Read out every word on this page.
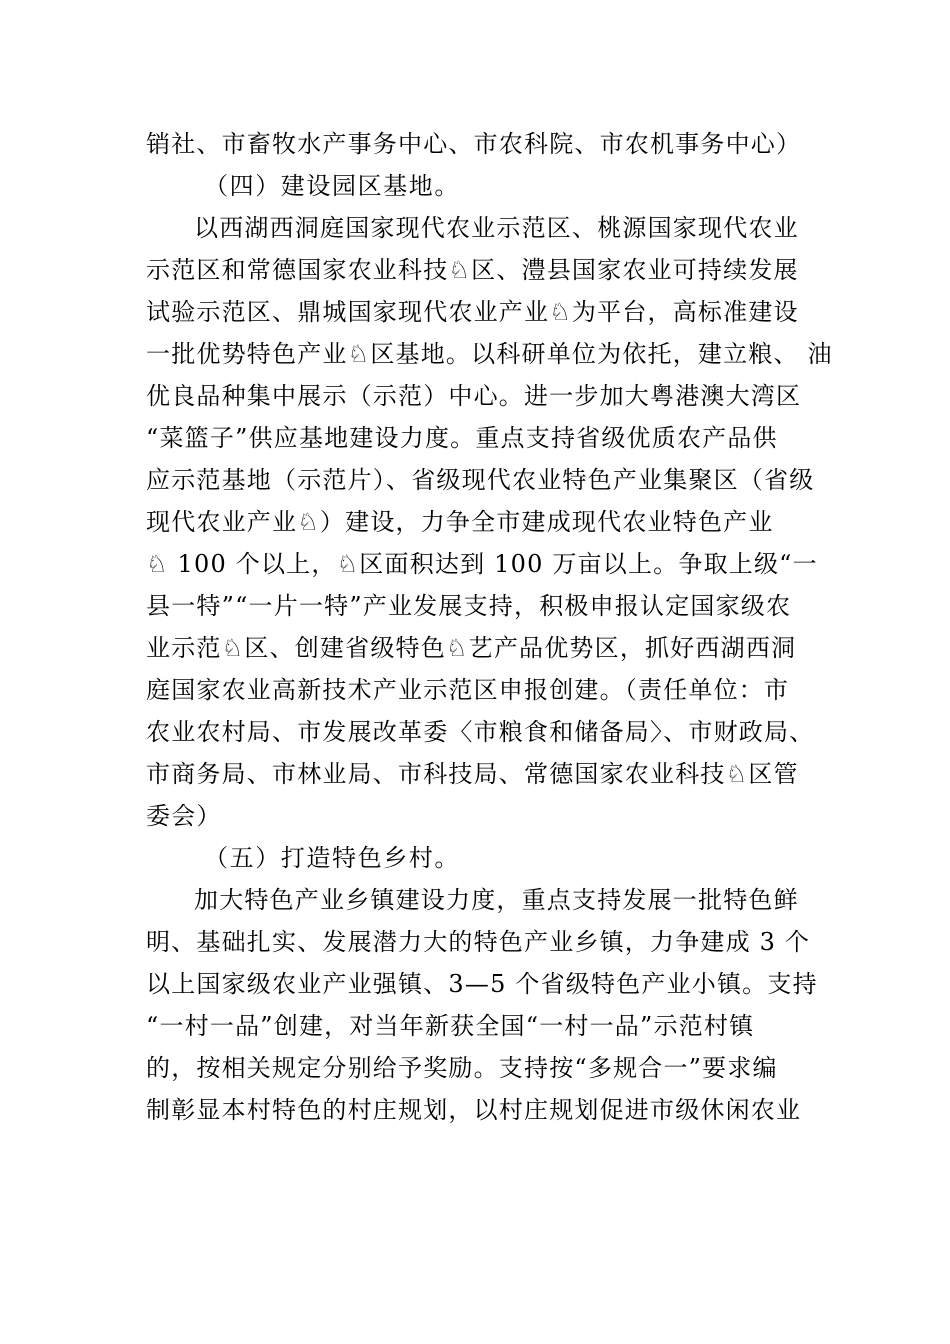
销社、市畜牧水产事务中心、市农科院、市农机事务中心）
（四）建设园区基地。
以西湖西洞庭国家现代农业示范区、桃源国家现代农业
示范区和常德国家农业科技♘区、澧县国家农业可持续发展
试验示范区、鼎城国家现代农业产业♘为平台，高标准建设
一批优势特色产业♘区基地。以科研单位为依托，建立粮、 油
优良品种集中展示（示范）中心。进一步加大粤港澳大湾区
“菜篮子”供应基地建设力度。重点支持省级优质农产品供
应示范基地（示范片）、省级现代农业特色产业集聚区（省级
现代农业产业♘）建设，力争全市建成现代农业特色产业
♘ 100 个以上，♘区面积达到 100 万亩以上。争取上级“一
县一特”“一片一特”产业发展支持，积极申报认定国家级农
业示范♘区、创建省级特色♘艺产品优势区，抓好西湖西洞
庭国家农业高新技术产业示范区申报创建。（责任单位：市
农业农村局、市发展改革委〈市粮食和储备局〉、市财政局、
市商务局、市林业局、市科技局、常德国家农业科技♘区管
委会）
（五）打造特色乡村。
加大特色产业乡镇建设力度，重点支持发展一批特色鲜
明、基础扎实、发展潜力大的特色产业乡镇，力争建成 3 个
以上国家级农业产业强镇、3—5 个省级特色产业小镇。支持
“一村一品”创建，对当年新获全国“一村一品”示范村镇
的，按相关规定分别给予奖励。支持按“多规合一”要求编
制彰显本村特色的村庄规划，以村庄规划促进市级休闲农业
